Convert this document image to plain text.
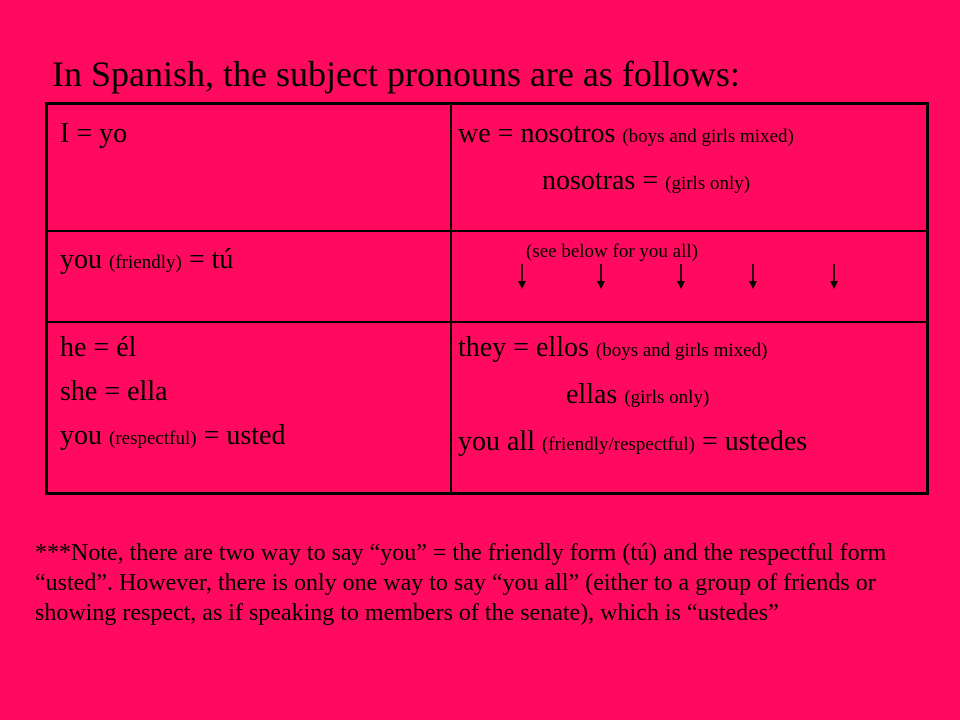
In Spanish, the subject pronouns are as follows:
I = yo	we = nosotros (boys and girls mixed)
nosotras = (girls only)
you (friendly) = tú
he = él
she = ella
you (respectful) = usted
they = ellos (boys and girls mixed)
ellas (girls only)
you all (friendly/respectful) = ustedes
(see below for you all)
***Note, there are two way to say “you” = the friendly form (tú) and the respectful form “usted”. However, there is only one way to say “you all” (either to a group of friends or showing respect, as if speaking to members of the senate), which is “ustedes”
